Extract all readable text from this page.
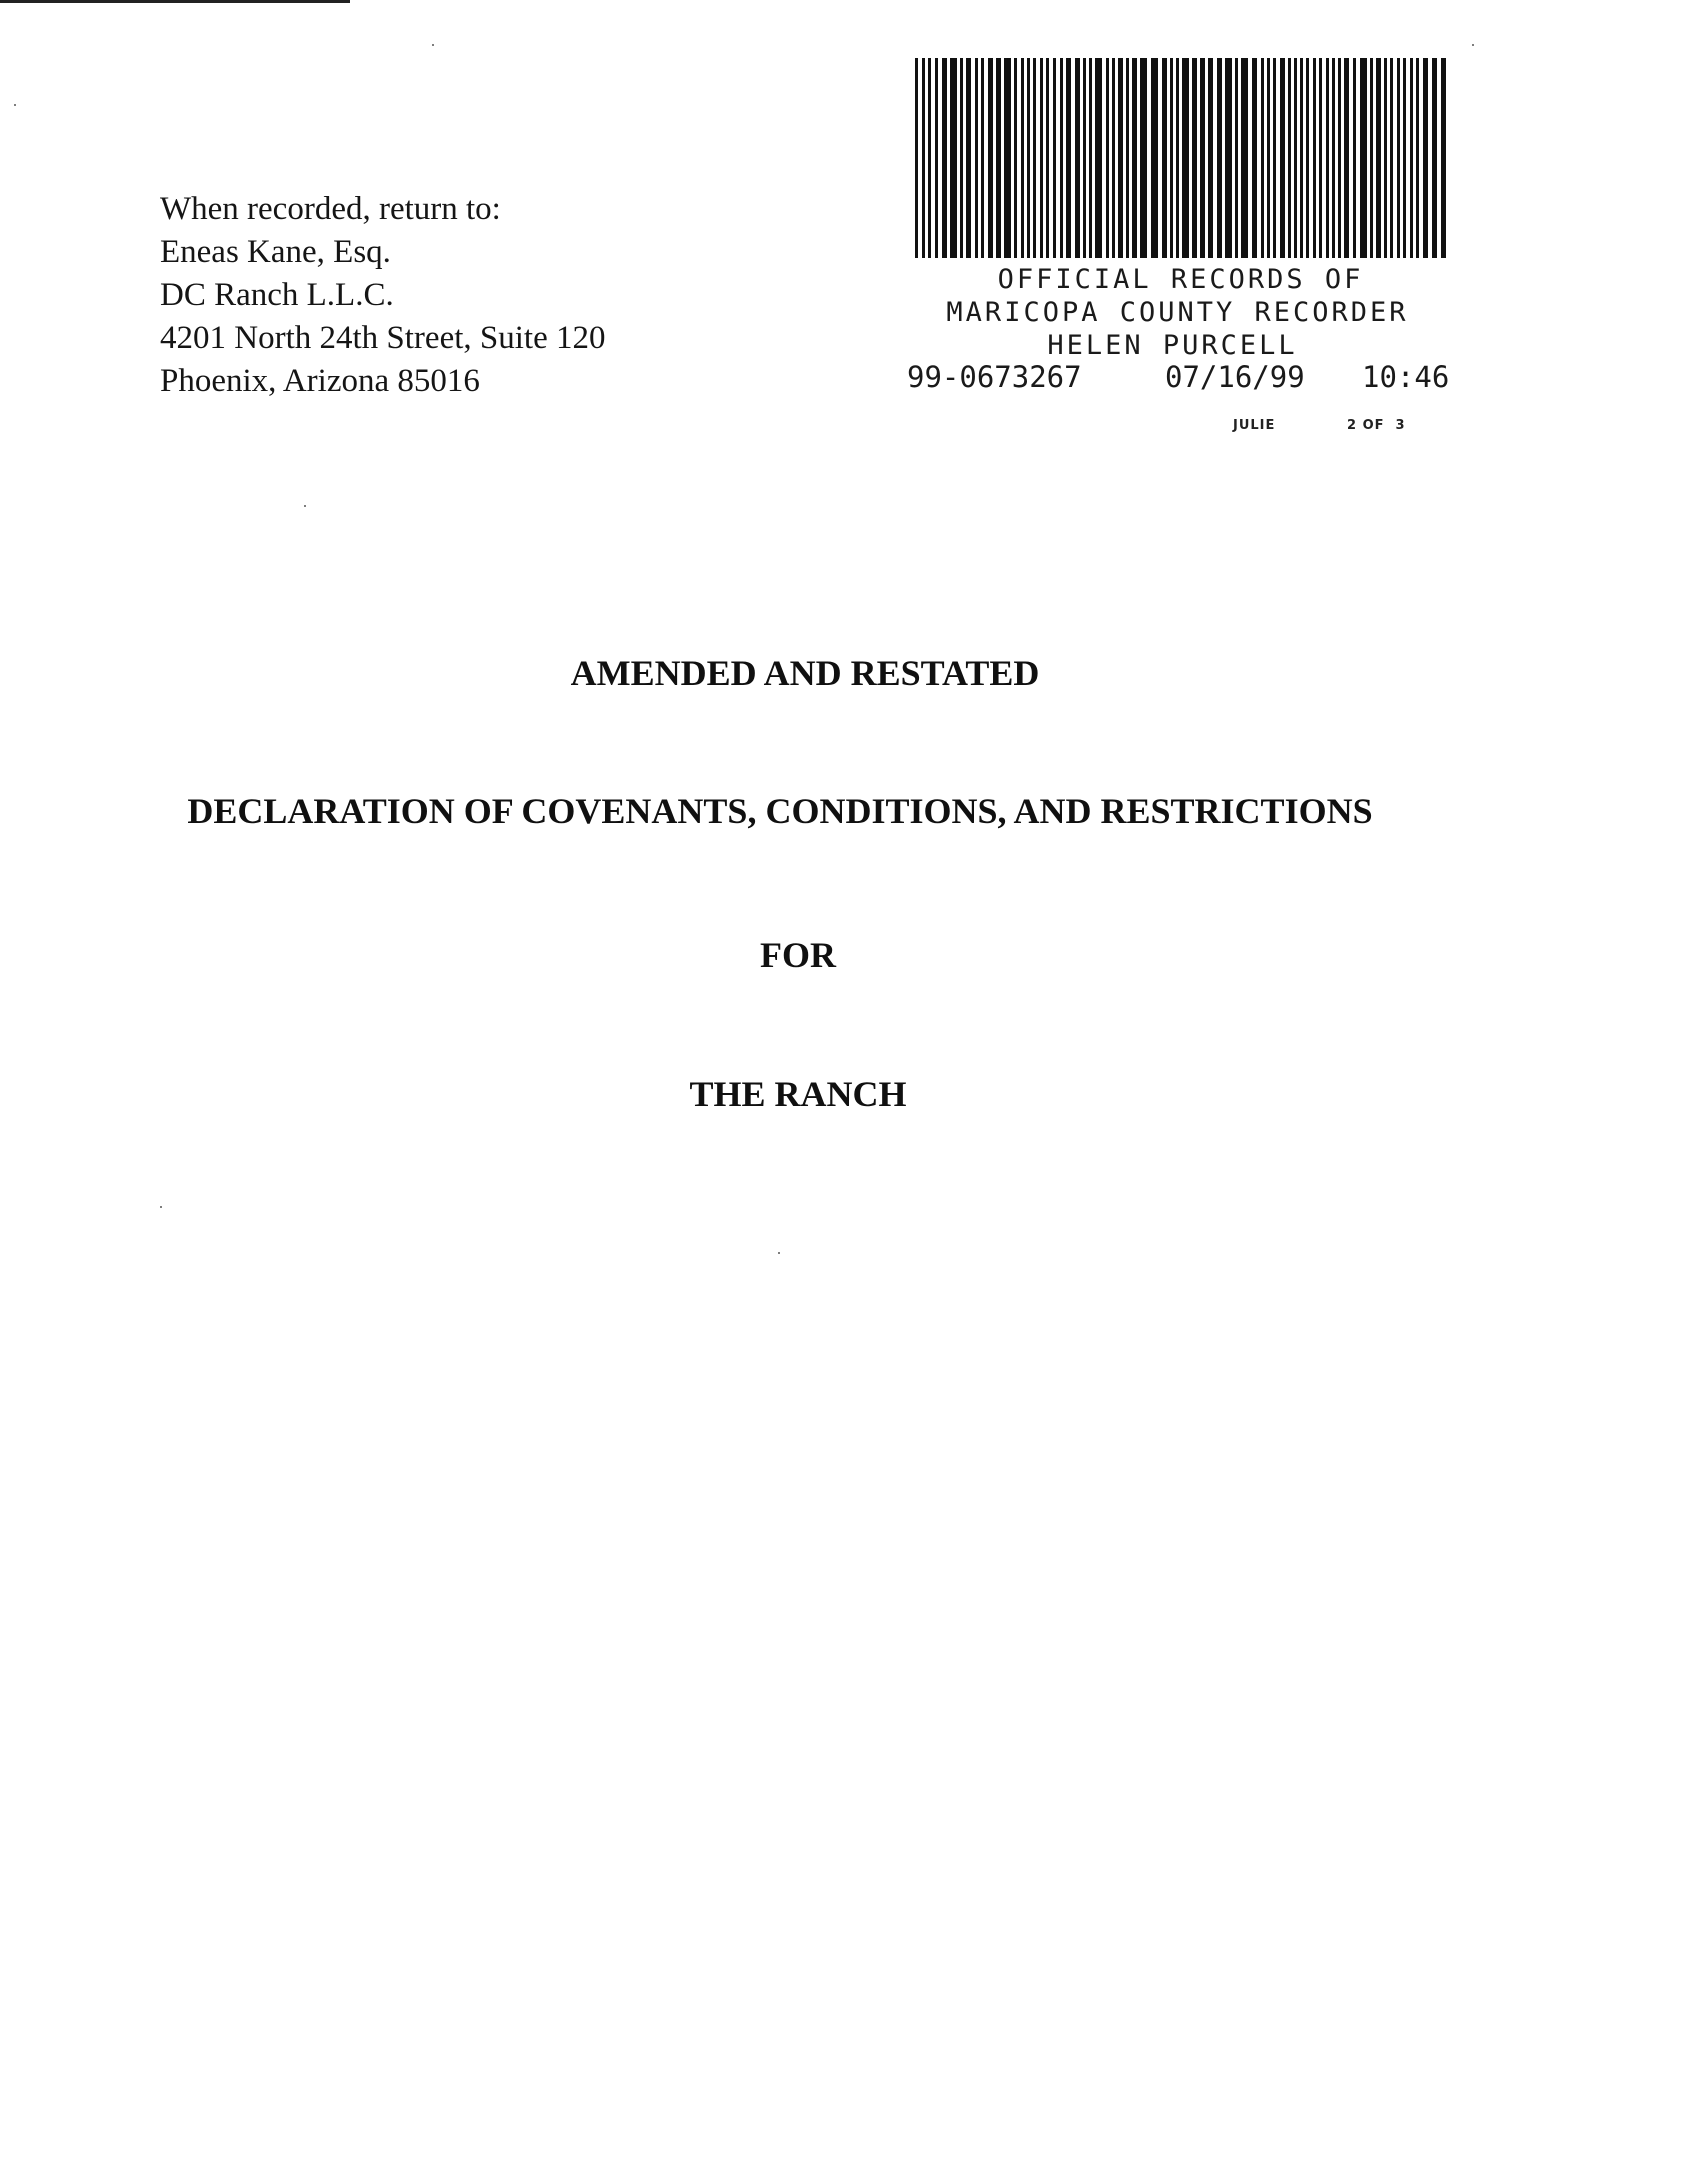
When recorded, return to:
Eneas Kane, Esq.
DC Ranch L.L.C.
4201 North 24th Street, Suite 120
Phoenix, Arizona 85016
OFFICIAL RECORDS OF
MARICOPA COUNTY RECORDER
HELEN PURCELL
99-0673267	07/16/99 10:46
JULIE	2 OF  3
AMENDED AND RESTATED
DECLARATION OF COVENANTS, CONDITIONS, AND RESTRICTIONS
FOR
THE RANCH
